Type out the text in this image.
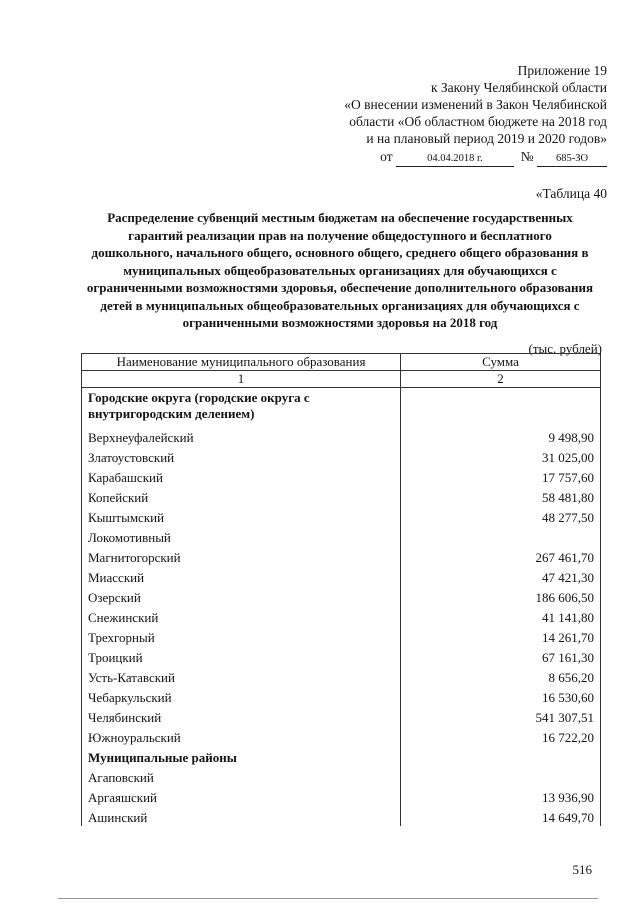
Приложение 19
к Закону Челябинской области
«О внесении изменений в Закон Челябинской
области «Об областном бюджете на 2018 год
и на плановый период 2019 и 2020 годов»
от	04.04.2018 г.	№ 685-ЗО
«Таблица 40
Распределение субвенций местным бюджетам на обеспечение государственных гарантий реализации прав на получение общедоступного и бесплатного дошкольного, начального общего, основного общего, среднего общего образования в муниципальных общеобразовательных организациях для обучающихся с ограниченными возможностями здоровья, обеспечение дополнительного образования детей в муниципальных общеобразовательных организациях для обучающихся с ограниченными возможностями здоровья на 2018 год
(тыс. рублей)
Наименование муниципального образования	Сумма
1	2
Городские округа (городские округа с внутригородским делением)	
Верхнеуфалейский	9 498,90
Златоустовский	31 025,00
Карабашский	17 757,60
Копейский	58 481,80
Кыштымский	48 277,50
Локомотивный	
Магнитогорский	267 461,70
Миасский	47 421,30
Озерский	186 606,50
Снежинский	41 141,80
Трехгорный	14 261,70
Троицкий	67 161,30
Усть-Катавский	8 656,20
Чебаркульский	16 530,60
Челябинский	541 307,51
Южноуральский	16 722,20
Муниципальные районы	
Агаповский	
Аргаяшский	13 936,90
Ашинский	14 649,70
516
